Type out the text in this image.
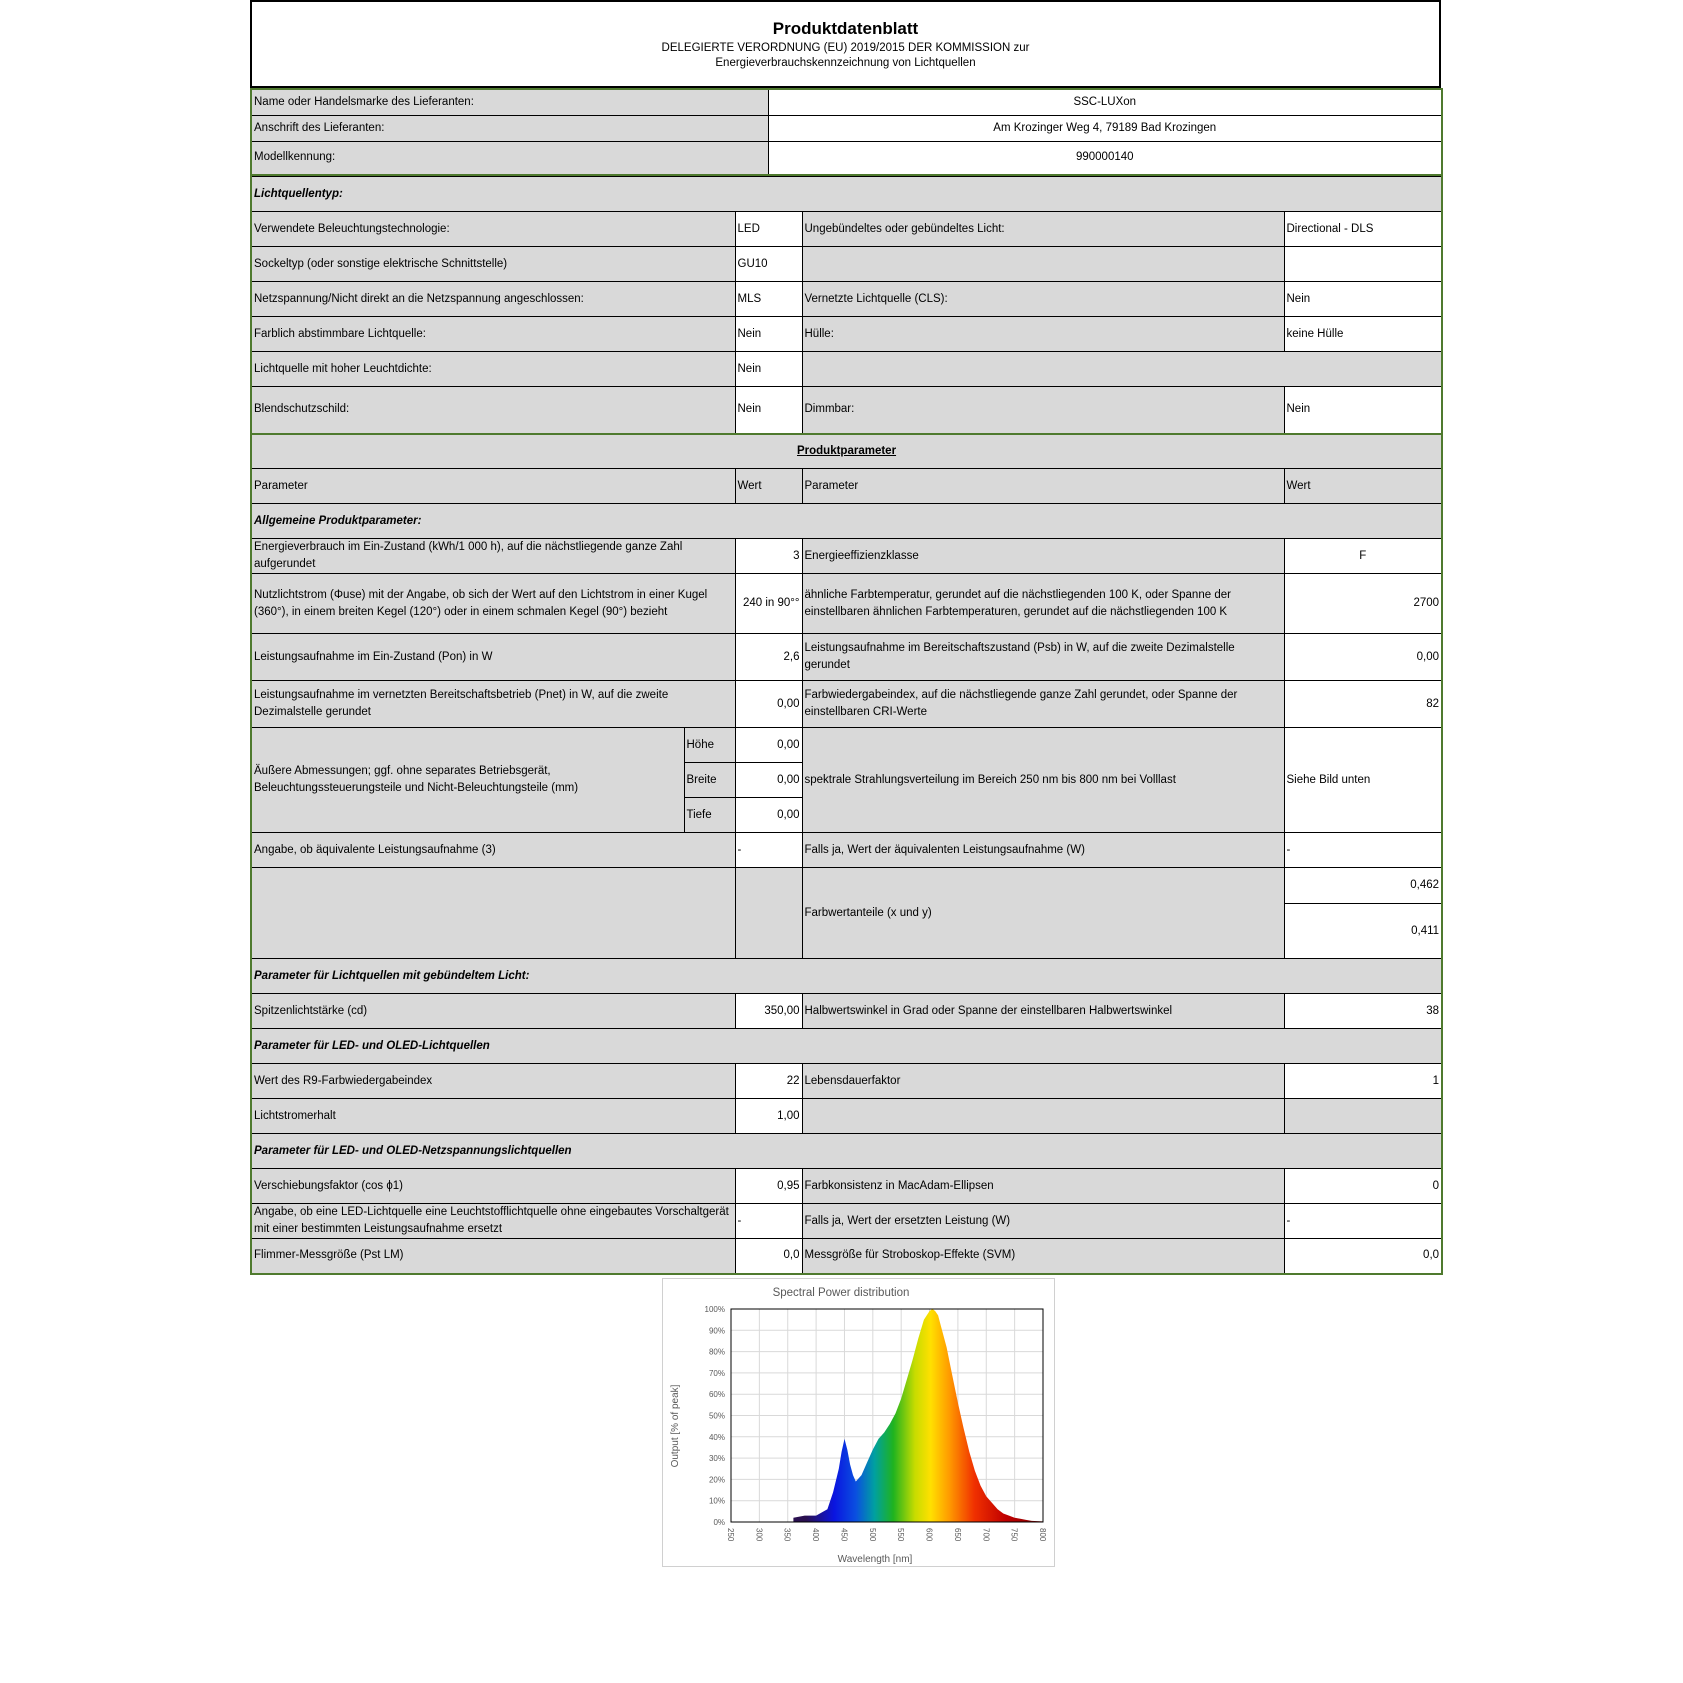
Produktdatenblatt
DELEGIERTE VERORDNUNG (EU) 2019/2015 DER KOMMISSION zur
Energieverbrauchskennzeichnung von Lichtquellen
Name oder Handelsmarke des Lieferanten:	SSC-LUXon
Anschrift des Lieferanten:	Am Krozinger Weg 4, 79189 Bad Krozingen
Modellkennung:	990000140
Lichtquellentyp:				
Verwendete Beleuchtungstechnologie:		LED	Ungebündeltes oder gebündeltes Licht:	Directional - DLS
Sockeltyp (oder sonstige elektrische Schnittstelle)		GU10		
Netzspannung/Nicht direkt an die Netzspannung angeschlossen:		MLS	Vernetzte Lichtquelle (CLS):	Nein
Farblich abstimmbare Lichtquelle:		Nein	Hülle:	keine Hülle
Lichtquelle mit hoher Leuchtdichte:		Nein		
Blendschutzschild:		Nein	Dimmbar:	Nein
Produktparameter				
Parameter		Wert	Parameter	Wert
Allgemeine Produktparameter:				
Energieverbrauch im Ein-Zustand (kWh/1 000 h), auf die nächstliegende ganze Zahl aufgerundet		3	Energieeffizienzklasse	F
Nutzlichtstrom (Φuse) mit der Angabe, ob sich der Wert auf den Lichtstrom in einer Kugel (360°), in einem breiten Kegel (120°) oder in einem schmalen Kegel (90°) bezieht		240 in 90°°	ähnliche Farbtemperatur, gerundet auf die nächstliegenden 100 K, oder Spanne der einstellbaren ähnlichen Farbtemperaturen, gerundet auf die nächstliegenden 100 K	2700
Leistungsaufnahme im Ein-Zustand (Pon) in W		2,6	Leistungsaufnahme im Bereitschaftszustand (Psb) in W, auf die zweite Dezimalstelle gerundet	0,00
Leistungsaufnahme im vernetzten Bereitschaftsbetrieb (Pnet) in W, auf die zweite Dezimalstelle gerundet		0,00	Farbwiedergabeindex, auf die nächstliegende ganze Zahl gerundet, oder Spanne der einstellbaren CRI-Werte	82
Äußere Abmessungen; ggf. ohne separates Betriebsgerät, Beleuchtungssteuerungsteile und Nicht-Beleuchtungsteile (mm)	Höhe	0,00	spektrale Strahlungsverteilung im Bereich 250 nm bis 800 nm bei Volllast	Siehe Bild unten
	Breite	0,00		
	Tiefe	0,00		
Angabe, ob äquivalente Leistungsaufnahme (3)		-	Falls ja, Wert der äquivalenten Leistungsaufnahme (W)	-
			Farbwertanteile (x und y)	0,462
				0,411
Parameter für Lichtquellen mit gebündeltem Licht:				
Spitzenlichtstärke (cd)		350,00	Halbwertswinkel in Grad oder Spanne der einstellbaren Halbwertswinkel	38
Parameter für LED- und OLED-Lichtquellen				
Wert des R9-Farbwiedergabeindex		22	Lebensdauerfaktor	1
Lichtstromerhalt		1,00		
Parameter für LED- und OLED-Netzspannungslichtquellen				
Verschiebungsfaktor (cos ϕ1)		0,95	Farbkonsistenz in MacAdam-Ellipsen	0
Angabe, ob eine LED-Lichtquelle eine Leuchtstofflichtquelle ohne eingebautes Vorschaltgerät mit einer bestimmten Leistungsaufnahme ersetzt		-	Falls ja, Wert der ersetzten Leistung (W)	-
Flimmer-Messgröße (Pst LM)		0,0	Messgröße für Stroboskop-Effekte (SVM)	0,0
Spectral Power distribution
0%
10%
20%
30%
40%
50%
60%
70%
80%
90%
100%
250 300 350 400 450 500 550 600 650 700 750 800
Wavelength [nm]
Output [% of peak]
